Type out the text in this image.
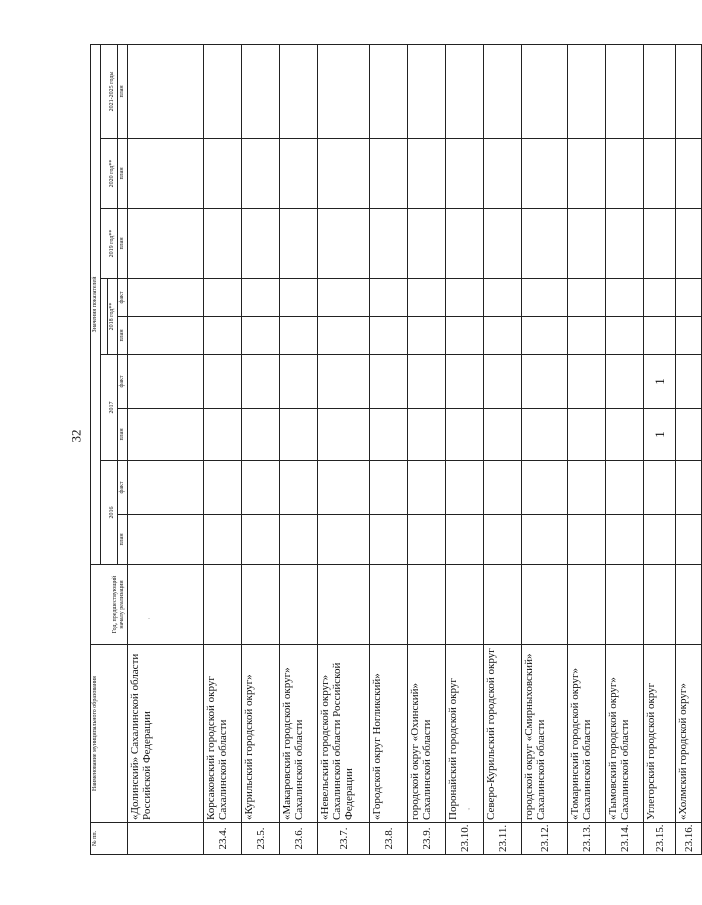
32
№ пп.	Наименование муниципального образования	Год, предшествующий началу реализации	Значения показателей								
			2016		2017				2019 год**	2020 год**	2021-2025 годы
							2018 год**				
			план	факт	план	факт	план	факт	план	план	план
	«Долинский» Сахалинской области Российской Федерации										
23.4.	Корсаковский городской округ Сахалинской области										
23.5.	«Курильский городской округ»										
23.6.	«Макаровский городской округ» Сахалинской области										
23.7.	«Невельский городской округ» Сахалинской области Российской Федерации										
23.8.	«Городской округ Ногликский»										
23.9.	городской округ «Охинский» Сахалинской области										
23.10.	Поронайский городской округ										
23.11.	Северо-Курильский городской округ										
23.12.	городской округ «Смирныховский» Сахалинской области										
23.13.	«Томаринский городской округ» Сахалинской области										
23.14.	«Тымовский городской округ» Сахалинской области										
23.15.	Углегорский городской округ				1	1					
23.16.	«Холмский городской округ»										
.
,
